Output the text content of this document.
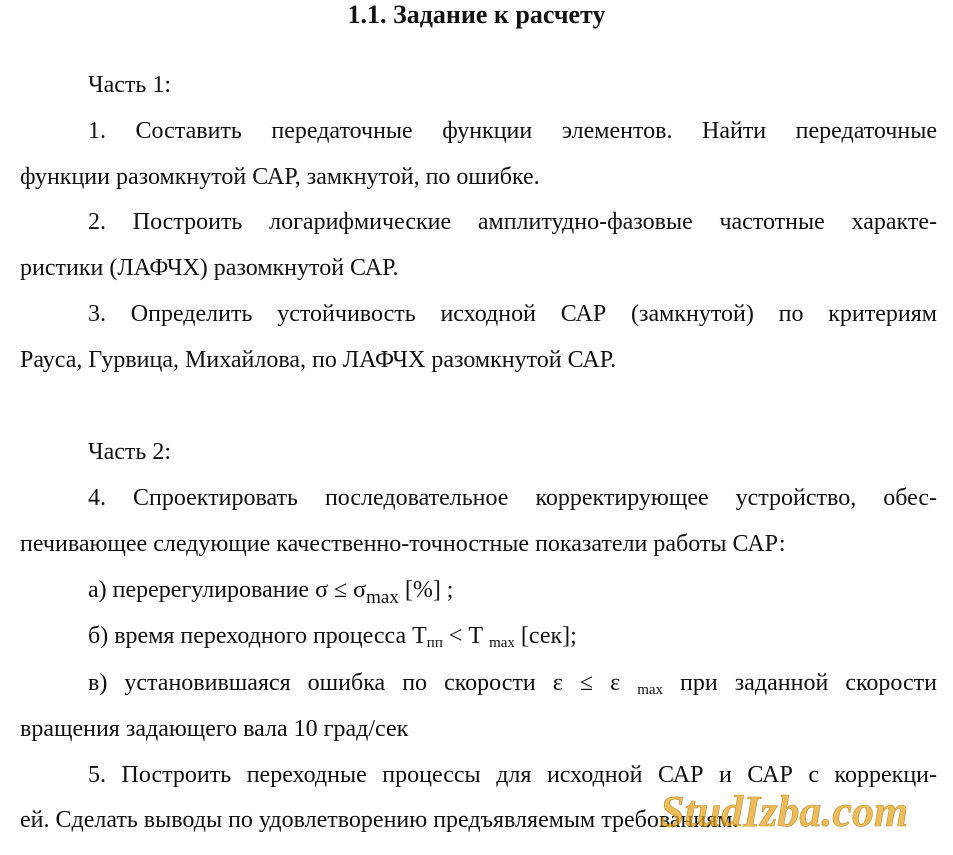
1.1. Задание к расчету
Часть 1:
1. Составить передаточные функции элементов. Найти передаточные
функции разомкнутой САР, замкнутой, по ошибке.
2. Построить логарифмические амплитудно-фазовые частотные характе-
ристики (ЛАФЧХ) разомкнутой САР.
3. Определить устойчивость исходной САР (замкнутой) по критериям
Рауса, Гурвица, Михайлова, по ЛАФЧХ разомкнутой САР.
Часть 2:
4. Спроектировать последовательное корректирующее устройство, обес-
печивающее следующие качественно-точностные показатели работы САР:
а) перерегулирование $\sigma \le \sigma_{max}$ [%] ;
б) время переходного процесса $Т_{пп} < Т$ $_{max}$ [сек];
в) установившаяся ошибка по скорости ε ≤ ε $_{max}$ при заданной скорости
вращения задающего вала 10 град/сек
5. Построить переходные процессы для исходной САР и САР с коррекци-
ей. Сделать выводы по удовлетворению предъявляемым требованиям.
StudIzba.com
